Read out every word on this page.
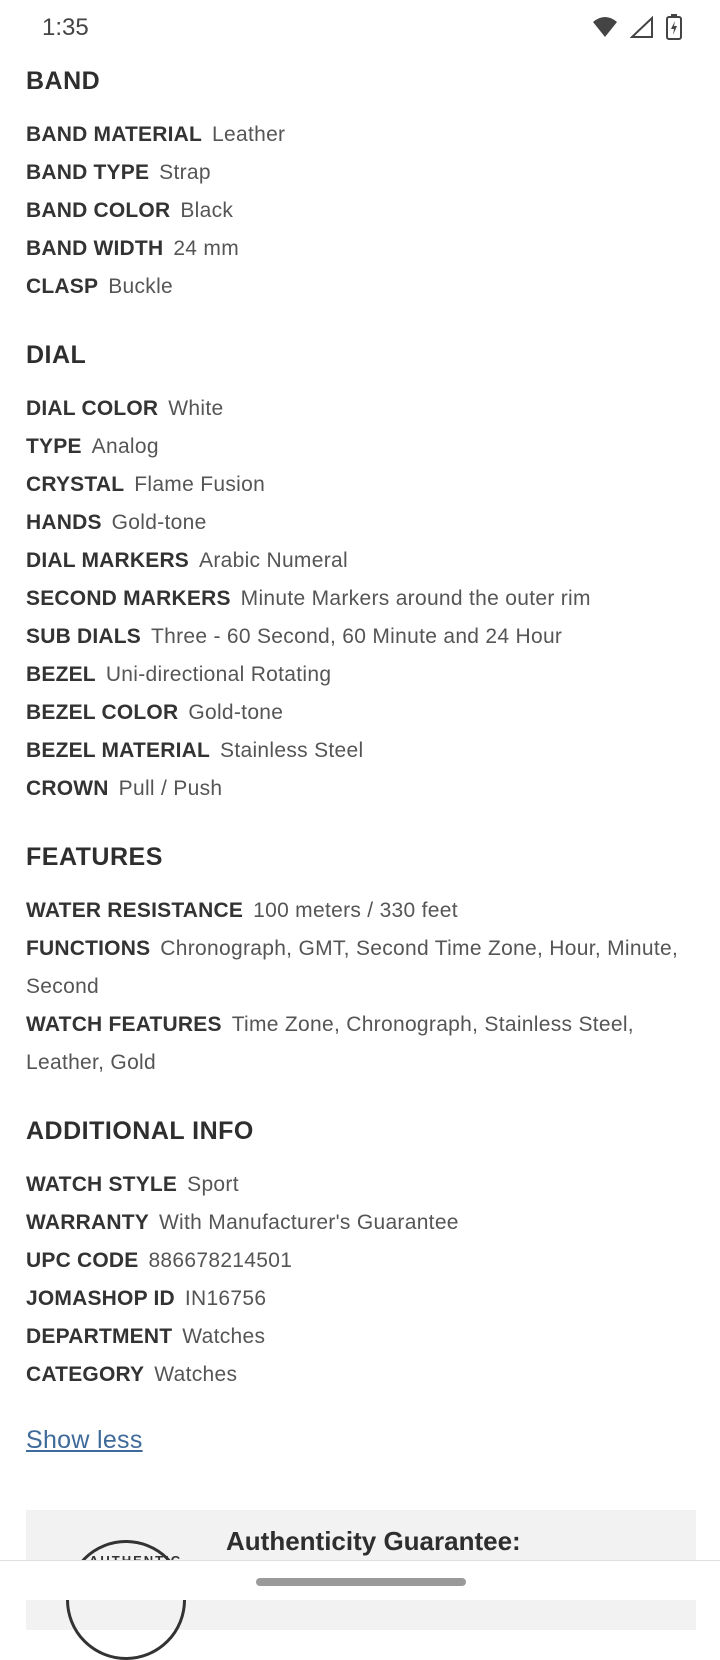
1:35
BAND
BAND MATERIAL Leather
BAND TYPE Strap
BAND COLOR Black
BAND WIDTH 24 mm
CLASP Buckle
DIAL
DIAL COLOR White
TYPE Analog
CRYSTAL Flame Fusion
HANDS Gold-tone
DIAL MARKERS Arabic Numeral
SECOND MARKERS Minute Markers around the outer rim
SUB DIALS Three - 60 Second, 60 Minute and 24 Hour
BEZEL Uni-directional Rotating
BEZEL COLOR Gold-tone
BEZEL MATERIAL Stainless Steel
CROWN Pull / Push
FEATURES
WATER RESISTANCE 100 meters / 330 feet
FUNCTIONS Chronograph, GMT, Second Time Zone, Hour, Minute, Second
WATCH FEATURES Time Zone, Chronograph, Stainless Steel, Leather, Gold
ADDITIONAL INFO
WATCH STYLE Sport
WARRANTY With Manufacturer's Guarantee
UPC CODE 886678214501
JOMASHOP ID IN16756
DEPARTMENT Watches
CATEGORY Watches
Show less
Authenticity Guarantee:
